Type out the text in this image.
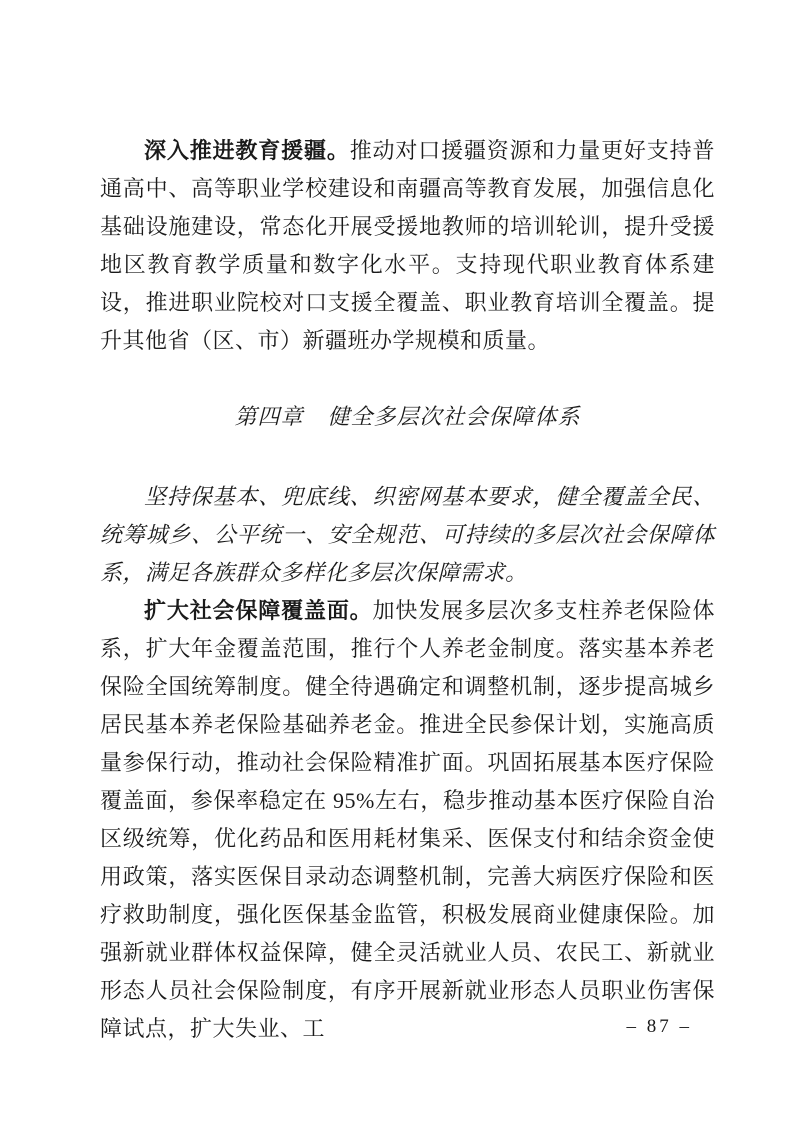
深入推进教育援疆。推动对口援疆资源和力量更好支持普通高中、高等职业学校建设和南疆高等教育发展，加强信息化基础设施建设，常态化开展受援地教师的培训轮训，提升受援地区教育教学质量和数字化水平。支持现代职业教育体系建设，推进职业院校对口支援全覆盖、职业教育培训全覆盖。提升其他省（区、市）新疆班办学规模和质量。

第四章 健全多层次社会保障体系

坚持保基本、兜底线、织密网基本要求，健全覆盖全民、统筹城乡、公平统一、安全规范、可持续的多层次社会保障体系，满足各族群众多样化多层次保障需求。

扩大社会保障覆盖面。加快发展多层次多支柱养老保险体系，扩大年金覆盖范围，推行个人养老金制度。落实基本养老保险全国统筹制度。健全待遇确定和调整机制，逐步提高城乡居民基本养老保险基础养老金。推进全民参保计划，实施高质量参保行动，推动社会保险精准扩面。巩固拓展基本医疗保险覆盖面，参保率稳定在 95%左右，稳步推动基本医疗保险自治区级统筹，优化药品和医用耗材集采、医保支付和结余资金使用政策，落实医保目录动态调整机制，完善大病医疗保险和医疗救助制度，强化医保基金监管，积极发展商业健康保险。加强新就业群体权益保障，健全灵活就业人员、农民工、新就业形态人员社会保险制度，有序开展新就业形态人员职业伤害保障试点，扩大失业、工	– 87 –
